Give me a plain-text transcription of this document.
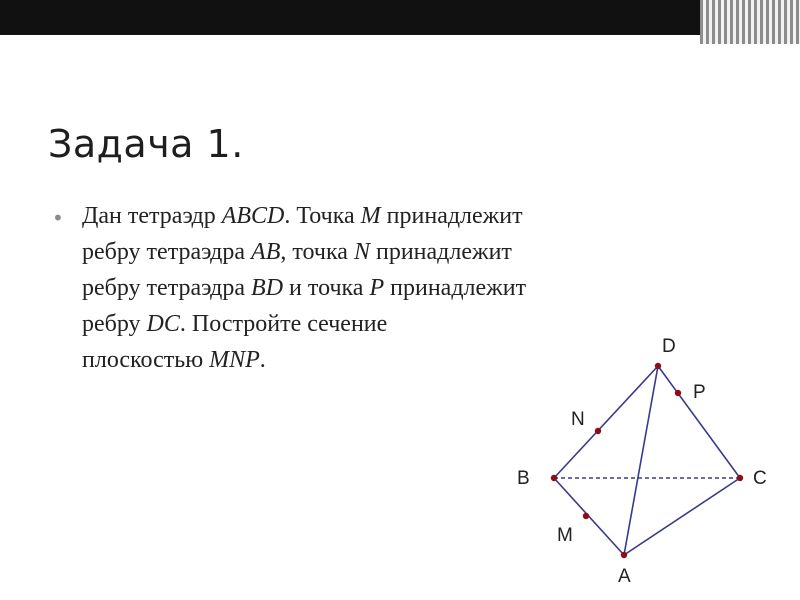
Задача 1.
• Дан тетраэдр ABCD. Точка M принадлежит
ребру тетраэдра AB, точка N принадлежит
ребру тетраэдра BD и точка P принадлежит
ребру DC. Постройте сечение
плоскостью MNP.

D
P
N
B	C
M
A
